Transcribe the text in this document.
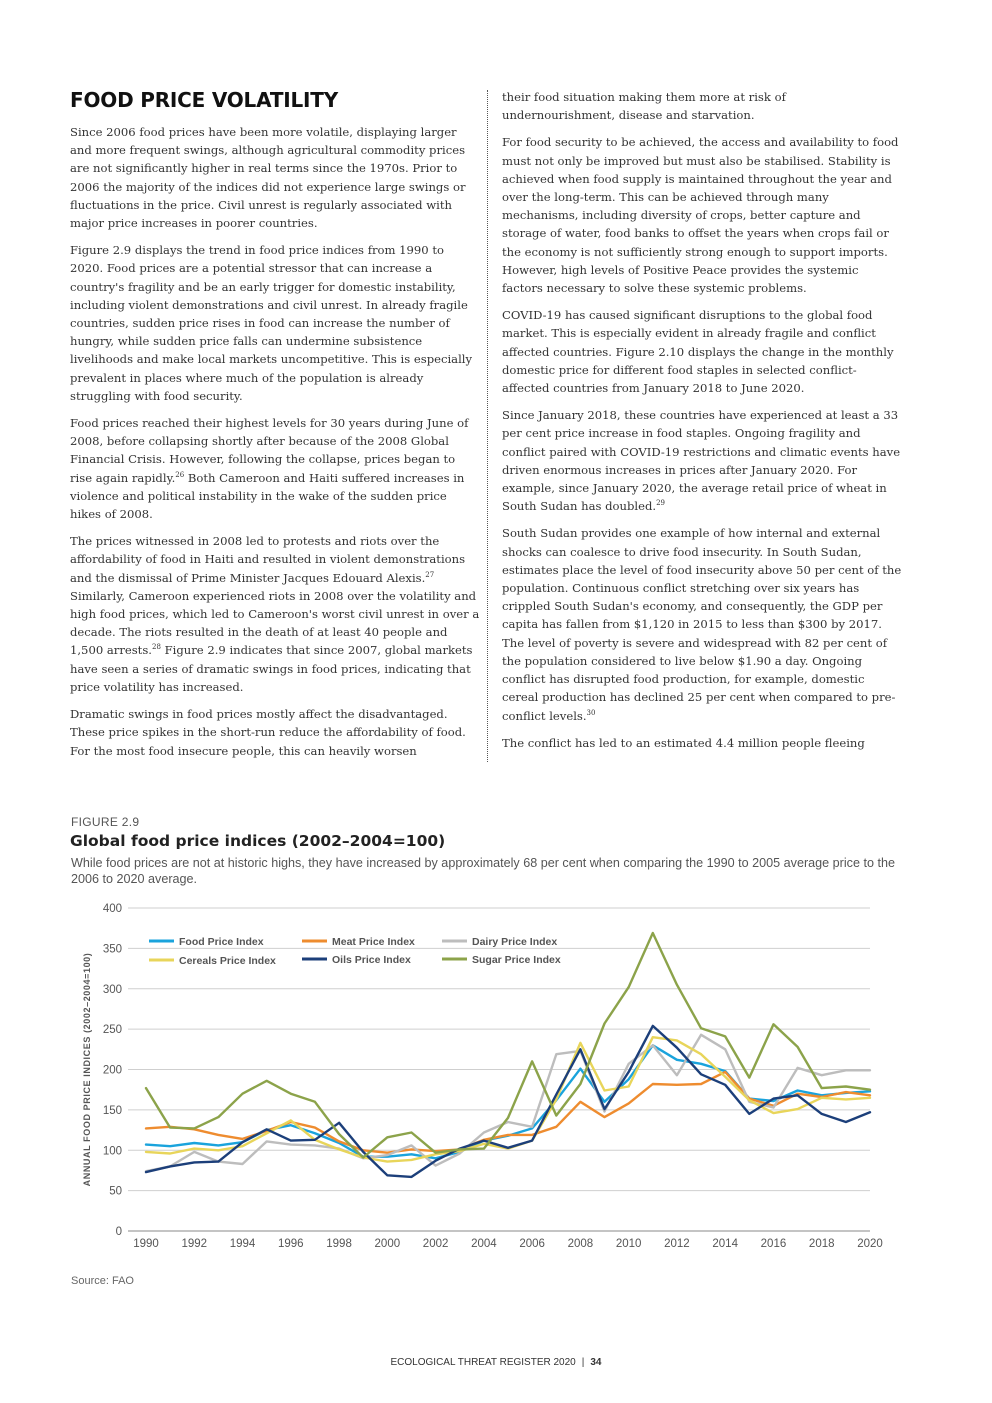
FOOD PRICE VOLATILITY

Since 2006 food prices have been more volatile, displaying larger and more frequent swings, although agricultural commodity prices are not significantly higher in real terms since the 1970s. Prior to 2006 the majority of the indices did not experience large swings or fluctuations in the price. Civil unrest is regularly associated with major price increases in poorer countries.

Figure 2.9 displays the trend in food price indices from 1990 to 2020. Food prices are a potential stressor that can increase a country's fragility and be an early trigger for domestic instability, including violent demonstrations and civil unrest. In already fragile countries, sudden price rises in food can increase the number of hungry, while sudden price falls can undermine subsistence livelihoods and make local markets uncompetitive. This is especially prevalent in places where much of the population is already struggling with food security.

Food prices reached their highest levels for 30 years during June of 2008, before collapsing shortly after because of the 2008 Global Financial Crisis. However, following the collapse, prices began to rise again rapidly.$^{26}$ Both Cameroon and Haiti suffered increases in violence and political instability in the wake of the sudden price hikes of 2008.

The prices witnessed in 2008 led to protests and riots over the affordability of food in Haiti and resulted in violent demonstrations and the dismissal of Prime Minister Jacques Edouard Alexis.$^{27}$ Similarly, Cameroon experienced riots in 2008 over the volatility and high food prices, which led to Cameroon's worst civil unrest in over a decade. The riots resulted in the death of at least 40 people and 1,500 arrests.$^{28}$ Figure 2.9 indicates that since 2007, global markets have seen a series of dramatic swings in food prices, indicating that price volatility has increased.

Dramatic swings in food prices mostly affect the disadvantaged. These price spikes in the short-run reduce the affordability of food. For the most food insecure people, this can heavily worsen

their food situation making them more at risk of undernourishment, disease and starvation.

For food security to be achieved, the access and availability to food must not only be improved but must also be stabilised. Stability is achieved when food supply is maintained throughout the year and over the long-term. This can be achieved through many mechanisms, including diversity of crops, better capture and storage of water, food banks to offset the years when crops fail or the economy is not sufficiently strong enough to support imports. However, high levels of Positive Peace provides the systemic factors necessary to solve these systemic problems.

COVID-19 has caused significant disruptions to the global food market. This is especially evident in already fragile and conflict affected countries. Figure 2.10 displays the change in the monthly domestic price for different food staples in selected conflict-affected countries from January 2018 to June 2020.

Since January 2018, these countries have experienced at least a 33 per cent price increase in food staples. Ongoing fragility and conflict paired with COVID-19 restrictions and climatic events have driven enormous increases in prices after January 2020. For example, since January 2020, the average retail price of wheat in South Sudan has doubled.$^{29}$

South Sudan provides one example of how internal and external shocks can coalesce to drive food insecurity. In South Sudan, estimates place the level of food insecurity above 50 per cent of the population. Continuous conflict stretching over six years has crippled South Sudan's economy, and consequently, the GDP per capita has fallen from $1,120 in 2015 to less than $300 by 2017. The level of poverty is severe and widespread with 82 per cent of the population considered to live below $1.90 a day. Ongoing conflict has disrupted food production, for example, domestic cereal production has declined 25 per cent when compared to pre-conflict levels.$^{30}$

The conflict has led to an estimated 4.4 million people fleeing

FIGURE 2.9
Global food price indices (2002–2004=100)
While food prices are not at historic highs, they have increased by approximately 68 per cent when comparing the 1990 to 2005 average price to the 2006 to 2020 average.
0
50
100
150
200
250
300
350
400
1990 1992 1994 1996 1998 2000 2002 2004 2006 2008 2010 2012 2014 2016 2018 2020
ANNUAL FOOD PRICE INDICES (2002–2004=100)
Food Price Index	Meat Price Index	Dairy Price Index
Cereals Price Index	Oils Price Index	Sugar Price Index
Source: FAO
ECOLOGICAL THREAT REGISTER 2020 | 34
